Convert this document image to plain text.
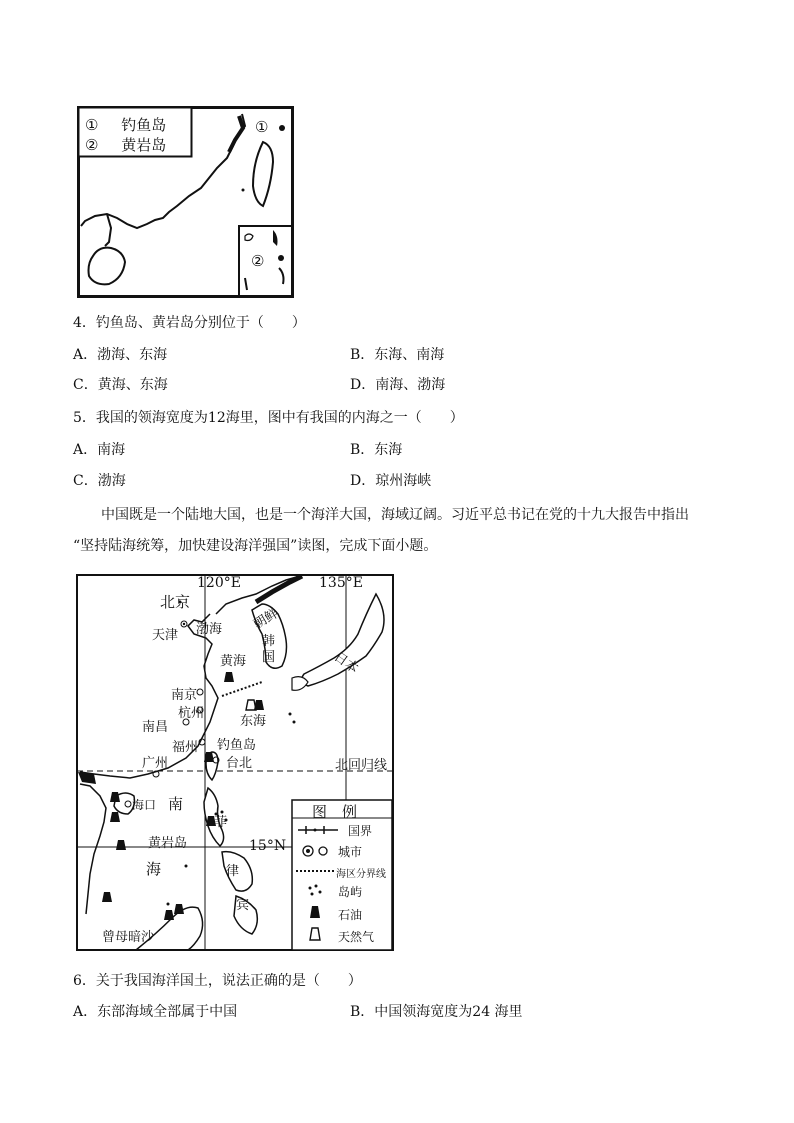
① 钓鱼岛
② 黄岩岛
①
②
4．钓鱼岛、黄岩岛分别位于（　　）
A．渤海、东海	B．东海、南海
C．黄海、东海	D．南海、渤海
5．我国的领海宽度为12海里，图中有我国的内海之一（　　）
A．南海	B．东海
C．渤海	D．琼州海峡
中国既是一个陆地大国，也是一个海洋大国，海域辽阔。习近平总书记在党的十九大报告中指出
“坚持陆海统筹，加快建设海洋强国”读图，完成下面小题。
120°E	135°E
北回归线
15°N
北京
天津 渤海 朝鲜
韩
国	日本
黄海
南京
杭州
南昌	东海
福州 钓鱼岛
广州	台北
海口 南
黄岩岛
海
菲
律
宾
曾母暗沙
图　例
国界
城市
海区分界线
岛屿
石油
天然气
6．关于我国海洋国土，说法正确的是（　　）
A．东部海域全部属于中国	B．中国领海宽度为24 海里
